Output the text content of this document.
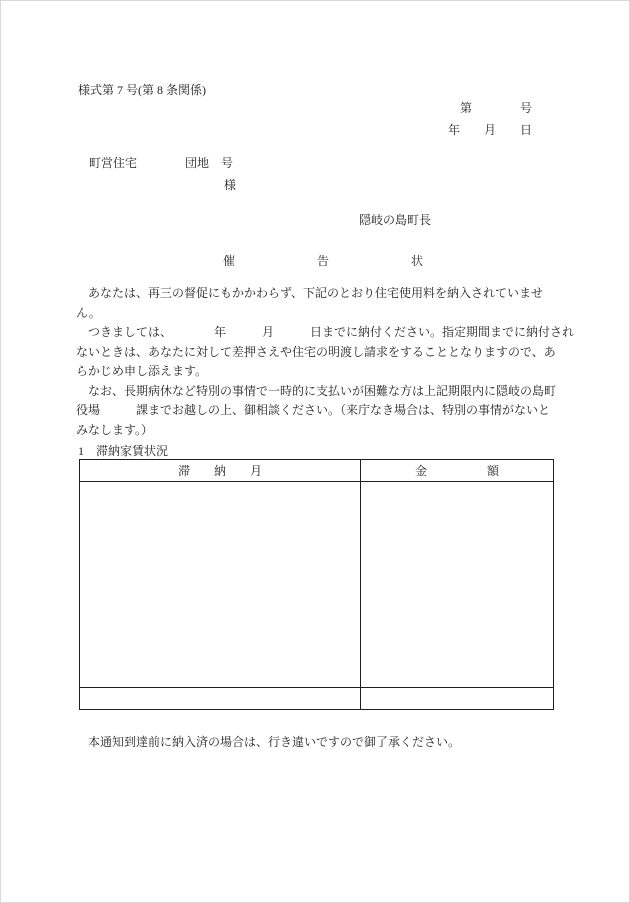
様式第 7 号(第 8 条関係)
第　　　　号
年　　月　　日
町営住宅　　　　団地　号
様
隠岐の島町長
催告状
　あなたは、再三の督促にもかかわらず、下記のとおり住宅使用料を納入されていませ
ん。
　つきましては、　　　　年　　　月　　　日までに納付ください。指定期間までに納付され
ないときは、あなたに対して差押さえや住宅の明渡し請求をすることとなりますので、あ
らかじめ申し添えます。
　なお、長期病休など特別の事情で一時的に支払いが困難な方は上記期限内に隠岐の島町
役場　　　課までお越しの上、御相談ください。（来庁なき場合は、特別の事情がないと
みなします。）
1　滞納家賃状況
滞　　納　　月	金　　　　　額

　本通知到達前に納入済の場合は、行き違いですので御了承ください。
